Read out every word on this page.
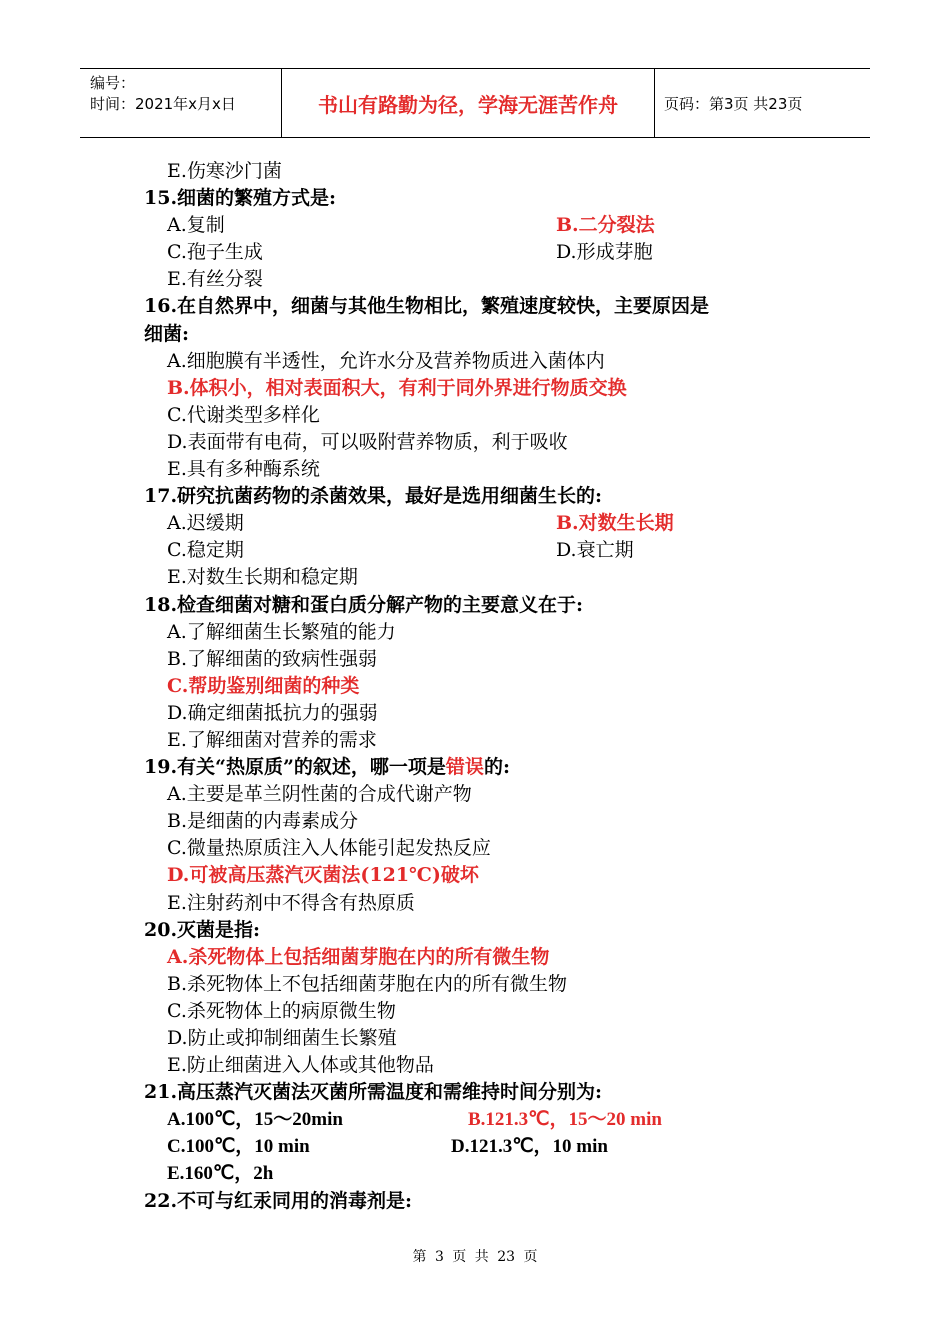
编号：
时间：2021年x月x日	书山有路勤为径，学海无涯苦作舟	页码：第3页 共23页
E.伤寒沙门菌
15.细菌的繁殖方式是:
A.复制	B.二分裂法
C.孢子生成	D.形成芽胞
E.有丝分裂
16.在自然界中，细菌与其他生物相比，繁殖速度较快，主要原因是
细菌:
A.细胞膜有半透性，允许水分及营养物质进入菌体内
B.体积小，相对表面积大，有利于同外界进行物质交换
C.代谢类型多样化
D.表面带有电荷，可以吸附营养物质，利于吸收
E.具有多种酶系统
17.研究抗菌药物的杀菌效果，最好是选用细菌生长的:
A.迟缓期	B.对数生长期
C.稳定期	D.衰亡期
E.对数生长期和稳定期
18.检查细菌对糖和蛋白质分解产物的主要意义在于:
A.了解细菌生长繁殖的能力
B.了解细菌的致病性强弱
C.帮助鉴别细菌的种类
D.确定细菌抵抗力的强弱
E.了解细菌对营养的需求
19.有关“热原质”的叙述，哪一项是错误的:
A.主要是革兰阴性菌的合成代谢产物
B.是细菌的内毒素成分
C.微量热原质注入人体能引起发热反应
D.可被高压蒸汽灭菌法(121℃)破坏
E.注射药剂中不得含有热原质
20.灭菌是指:
A.杀死物体上包括细菌芽胞在内的所有微生物
B.杀死物体上不包括细菌芽胞在内的所有微生物
C.杀死物体上的病原微生物
D.防止或抑制细菌生长繁殖
E.防止细菌进入人体或其他物品
21.高压蒸汽灭菌法灭菌所需温度和需维持时间分别为:
A.100℃，15～20min	B.121.3℃，15～20 min
C.100℃，10 min	D.121.3℃，10 min
E.160℃，2h
22.不可与红汞同用的消毒剂是:
第 3 页 共 23 页
